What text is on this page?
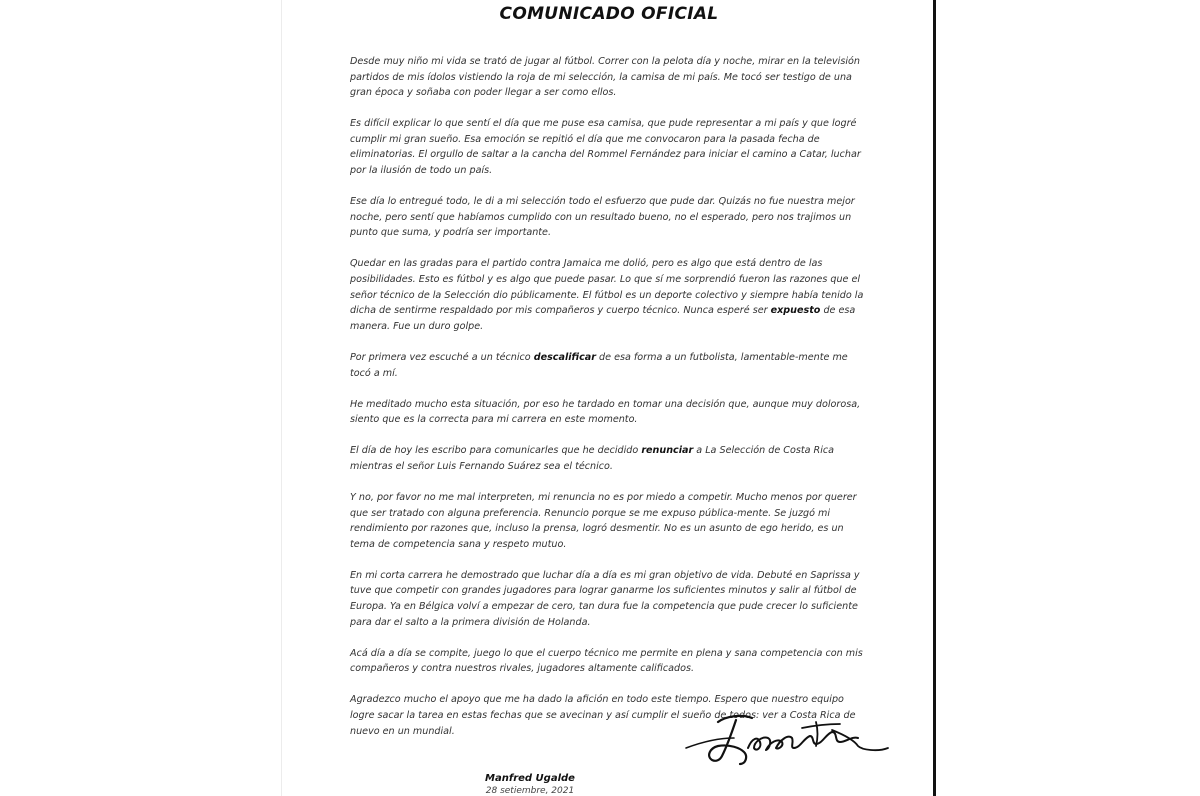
COMUNICADO OFICIAL

Desde muy niño mi vida se trató de jugar al fútbol. Correr con la pelota día y noche, mirar en la televisión partidos de mis ídolos vistiendo la roja de mi selección, la camisa de mi país. Me tocó ser testigo de una gran época y soñaba con poder llegar a ser como ellos.

Es difícil explicar lo que sentí el día que me puse esa camisa, que pude representar a mi país y que logré cumplir mi gran sueño. Esa emoción se repitió el día que me convocaron para la pasada fecha de eliminatorias. El orgullo de saltar a la cancha del Rommel Fernández para iniciar el camino a Catar, luchar por la ilusión de todo un país.

Ese día lo entregué todo, le di a mi selección todo el esfuerzo que pude dar. Quizás no fue nuestra mejor noche, pero sentí que habíamos cumplido con un resultado bueno, no el esperado, pero nos trajimos un punto que suma, y podría ser importante.

Quedar en las gradas para el partido contra Jamaica me dolió, pero es algo que está dentro de las posibilidades. Esto es fútbol y es algo que puede pasar. Lo que sí me sorprendió fueron las razones que el señor técnico de la Selección dio públicamente. El fútbol es un deporte colectivo y siempre había tenido la dicha de sentirme respaldado por mis compañeros y cuerpo técnico. Nunca esperé ser expuesto de esa manera. Fue un duro golpe.

Por primera vez escuché a un técnico descalificar de esa forma a un futbolista, lamentable-mente me tocó a mí.

He meditado mucho esta situación, por eso he tardado en tomar una decisión que, aunque muy dolorosa, siento que es la correcta para mi carrera en este momento.

El día de hoy les escribo para comunicarles que he decidido renunciar a La Selección de Costa Rica mientras el señor Luis Fernando Suárez sea el técnico.

Y no, por favor no me mal interpreten, mi renuncia no es por miedo a competir. Mucho menos por querer que ser tratado con alguna preferencia. Renuncio porque se me expuso pública-mente. Se juzgó mi rendimiento por razones que, incluso la prensa, logró desmentir. No es un asunto de ego herido, es un tema de competencia sana y respeto mutuo.

En mi corta carrera he demostrado que luchar día a día es mi gran objetivo de vida. Debuté en Saprissa y tuve que competir con grandes jugadores para lograr ganarme los suficientes minutos y salir al fútbol de Europa. Ya en Bélgica volví a empezar de cero, tan dura fue la competencia que pude crecer lo suficiente para dar el salto a la primera división de Holanda.

Acá día a día se compite, juego lo que el cuerpo técnico me permite en plena y sana competencia con mis compañeros y contra nuestros rivales, jugadores altamente calificados.

Agradezco mucho el apoyo que me ha dado la afición en todo este tiempo. Espero que nuestro equipo logre sacar la tarea en estas fechas que se avecinan y así cumplir el sueño de todos: ver a Costa Rica de nuevo en un mundial.

Manfred Ugalde
28 setiembre, 2021
